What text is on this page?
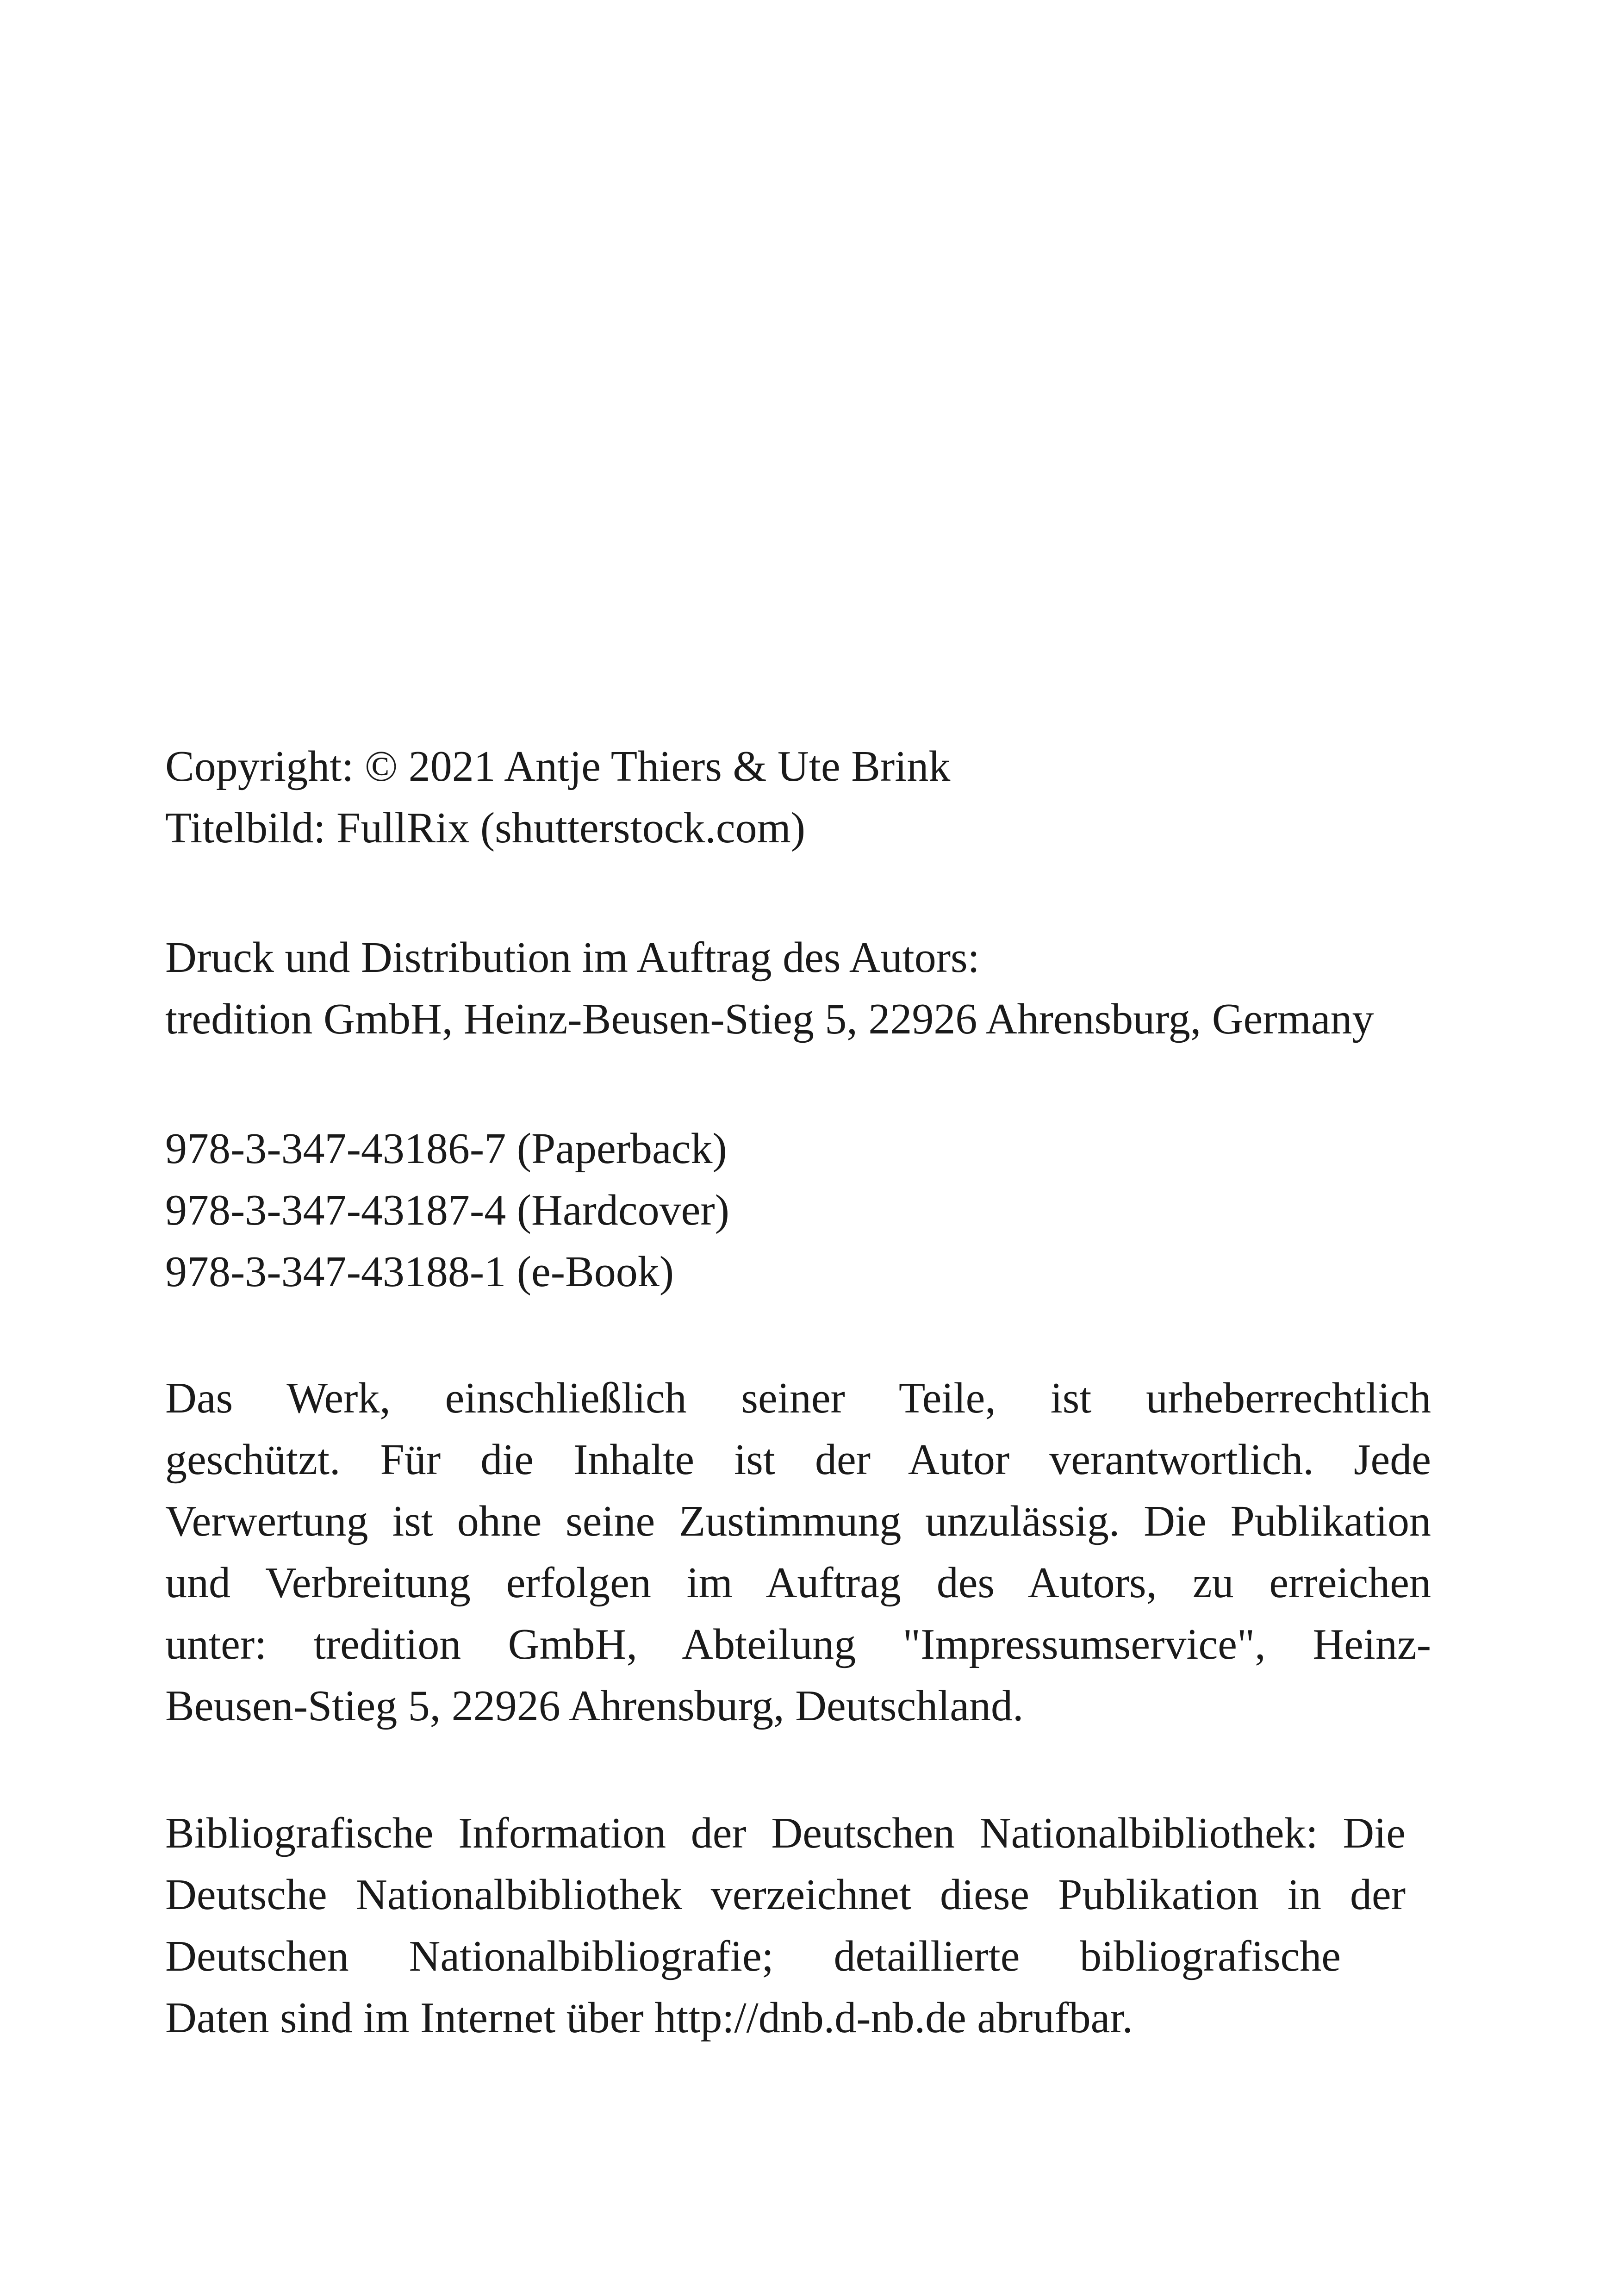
Copyright: © 2021 Antje Thiers & Ute Brink
Titelbild: FullRix (shutterstock.com)

Druck und Distribution im Auftrag des Autors:
tredition GmbH, Heinz-Beusen-Stieg 5, 22926 Ahrensburg, Germany

978-3-347-43186-7 (Paperback)
978-3-347-43187-4 (Hardcover)
978-3-347-43188-1 (e-Book)

Das Werk, einschließlich seiner Teile, ist urheberrechtlich
geschützt. Für die Inhalte ist der Autor verantwortlich. Jede
Verwertung ist ohne seine Zustimmung unzulässig. Die Publikation
und Verbreitung erfolgen im Auftrag des Autors, zu erreichen
unter: tredition GmbH, Abteilung "Impressumservice", Heinz-
Beusen-Stieg 5, 22926 Ahrensburg, Deutschland.

Bibliografische Information der Deutschen Nationalbibliothek: Die
Deutsche Nationalbibliothek verzeichnet diese Publikation in der
Deutschen Nationalbibliografie; detaillierte bibliografische
Daten sind im Internet über http://dnb.d-nb.de abrufbar.
